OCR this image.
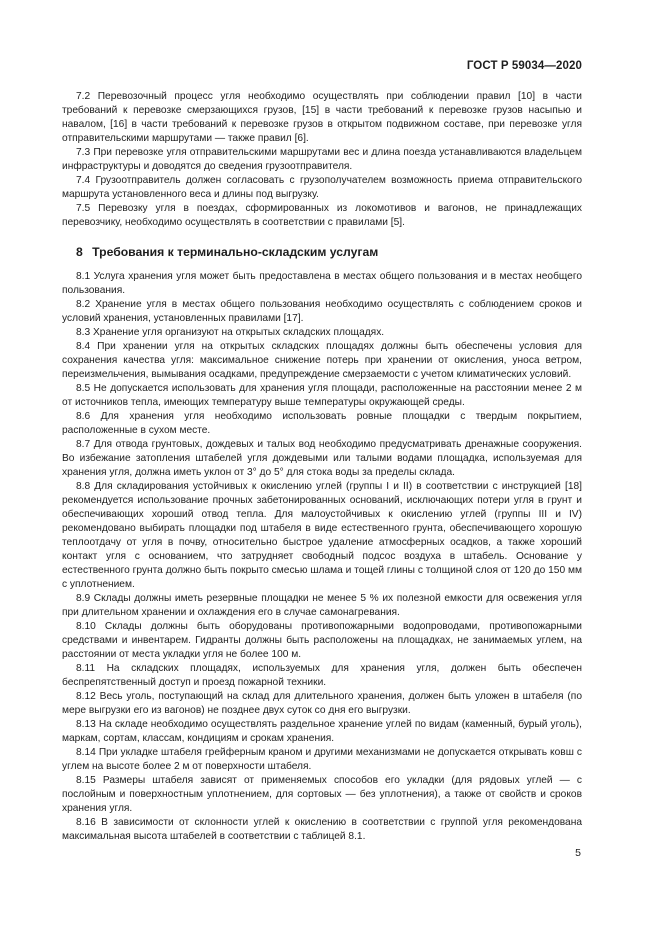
ГОСТ Р 59034—2020

7.2 Перевозочный процесс угля необходимо осуществлять при соблюдении правил [10] в части требований к перевозке смерзающихся грузов, [15] в части требований к перевозке грузов насыпью и навалом, [16] в части требований к перевозке грузов в открытом подвижном составе, при перевозке угля отправительскими маршрутами — также правил [6].

7.3 При перевозке угля отправительскими маршрутами вес и длина поезда устанавливаются владельцем инфраструктуры и доводятся до сведения грузоотправителя.

7.4 Грузоотправитель должен согласовать с грузополучателем возможность приема отправительского маршрута установленного веса и длины под выгрузку.

7.5 Перевозку угля в поездах, сформированных из локомотивов и вагонов, не принадлежащих перевозчику, необходимо осуществлять в соответствии с правилами [5].

8 Требования к терминально-складским услугам

8.1 Услуга хранения угля может быть предоставлена в местах общего пользования и в местах необщего пользования.

8.2 Хранение угля в местах общего пользования необходимо осуществлять с соблюдением сроков и условий хранения, установленных правилами [17].

8.3 Хранение угля организуют на открытых складских площадях.

8.4 При хранении угля на открытых складских площадях должны быть обеспечены условия для сохранения качества угля: максимальное снижение потерь при хранении от окисления, уноса ветром, переизмельчения, вымывания осадками, предупреждение смерзаемости с учетом климатических условий.

8.5 Не допускается использовать для хранения угля площади, расположенные на расстоянии менее 2 м от источников тепла, имеющих температуру выше температуры окружающей среды.

8.6 Для хранения угля необходимо использовать ровные площадки с твердым покрытием, расположенные в сухом месте.

8.7 Для отвода грунтовых, дождевых и талых вод необходимо предусматривать дренажные сооружения. Во избежание затопления штабелей угля дождевыми или талыми водами площадка, используемая для хранения угля, должна иметь уклон от 3° до 5° для стока воды за пределы склада.

8.8 Для складирования устойчивых к окислению углей (группы I и II) в соответствии с инструкцией [18] рекомендуется использование прочных забетонированных оснований, исключающих потери угля в грунт и обеспечивающих хороший отвод тепла. Для малоустойчивых к окислению углей (группы III и IV) рекомендовано выбирать площадки под штабеля в виде естественного грунта, обеспечивающего хорошую теплоотдачу от угля в почву, относительно быстрое удаление атмосферных осадков, а также хороший контакт угля с основанием, что затрудняет свободный подсос воздуха в штабель. Основание у естественного грунта должно быть покрыто смесью шлама и тощей глины с толщиной слоя от 120 до 150 мм с уплотнением.

8.9 Склады должны иметь резервные площадки не менее 5 % их полезной емкости для освежения угля при длительном хранении и охлаждения его в случае самонагревания.

8.10 Склады должны быть оборудованы противопожарными водопроводами, противопожарными средствами и инвентарем. Гидранты должны быть расположены на площадках, не занимаемых углем, на расстоянии от места укладки угля не более 100 м.

8.11 На складских площадях, используемых для хранения угля, должен быть обеспечен беспрепятственный доступ и проезд пожарной техники.

8.12 Весь уголь, поступающий на склад для длительного хранения, должен быть уложен в штабеля (по мере выгрузки его из вагонов) не позднее двух суток со дня его выгрузки.

8.13 На складе необходимо осуществлять раздельное хранение углей по видам (каменный, бурый уголь), маркам, сортам, классам, кондициям и срокам хранения.

8.14 При укладке штабеля грейферным краном и другими механизмами не допускается открывать ковш с углем на высоте более 2 м от поверхности штабеля.

8.15 Размеры штабеля зависят от применяемых способов его укладки (для рядовых углей — с послойным и поверхностным уплотнением, для сортовых — без уплотнения), а также от свойств и сроков хранения угля.

8.16 В зависимости от склонности углей к окислению в соответствии с группой угля рекомендована максимальная высота штабелей в соответствии с таблицей 8.1.

5
